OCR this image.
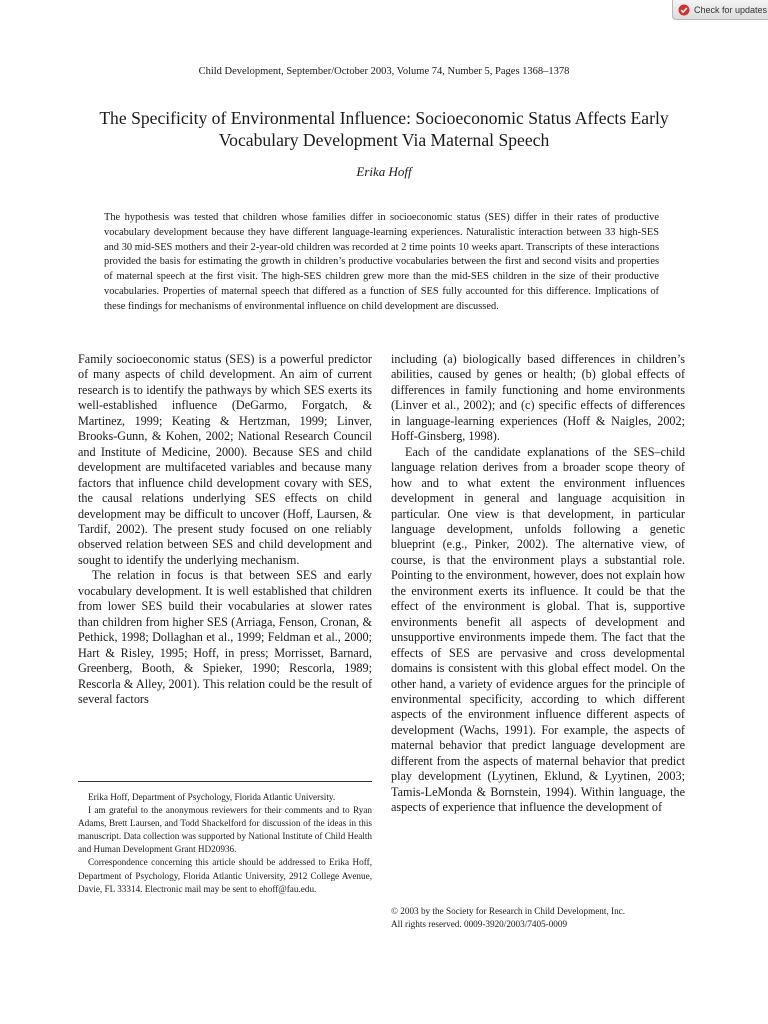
Check for updates
Child Development, September/October 2003, Volume 74, Number 5, Pages 1368–1378
The Specificity of Environmental Influence: Socioeconomic Status Affects Early Vocabulary Development Via Maternal Speech
Erika Hoff

The hypothesis was tested that children whose families differ in socioeconomic status (SES) differ in their rates of productive vocabulary development because they have different language-learning experiences. Naturalistic interaction between 33 high-SES and 30 mid-SES mothers and their 2-year-old children was recorded at 2 time points 10 weeks apart. Transcripts of these interactions provided the basis for estimating the growth in children’s productive vocabularies between the first and second visits and properties of maternal speech at the first visit. The high-SES children grew more than the mid-SES children in the size of their productive vocabularies. Properties of maternal speech that differed as a function of SES fully accounted for this difference. Implications of these findings for mechanisms of environmental influence on child development are discussed.

Family socioeconomic status (SES) is a powerful predictor of many aspects of child development. An aim of current research is to identify the pathways by which SES exerts its well-established influence (DeGarmo, Forgatch, & Martinez, 1999; Keating & Hertzman, 1999; Linver, Brooks-Gunn, & Kohen, 2002; National Research Council and Institute of Medicine, 2000). Because SES and child development are multifaceted variables and because many factors that influence child development covary with SES, the causal relations underlying SES effects on child development may be difficult to uncover (Hoff, Laursen, & Tardif, 2002). The present study focused on one reliably observed relation between SES and child development and sought to identify the underlying mechanism.

The relation in focus is that between SES and early vocabulary development. It is well established that children from lower SES build their vocabularies at slower rates than children from higher SES (Arriaga, Fenson, Cronan, & Pethick, 1998; Dollaghan et al., 1999; Feldman et al., 2000; Hart & Risley, 1995; Hoff, in press; Morrisset, Barnard, Greenberg, Booth, & Spieker, 1990; Rescorla, 1989; Rescorla & Alley, 2001). This relation could be the result of several factors

including (a) biologically based differences in children’s abilities, caused by genes or health; (b) global effects of differences in family functioning and home environments (Linver et al., 2002); and (c) specific effects of differences in language-learning experiences (Hoff & Naigles, 2002; Hoff-Ginsberg, 1998).

Each of the candidate explanations of the SES–child language relation derives from a broader scope theory of how and to what extent the environment influences development in general and language acquisition in particular. One view is that development, in particular language development, unfolds following a genetic blueprint (e.g., Pinker, 2002). The alternative view, of course, is that the environment plays a substantial role. Pointing to the environment, however, does not explain how the environment exerts its influence. It could be that the effect of the environment is global. That is, supportive environments benefit all aspects of development and unsupportive environments impede them. The fact that the effects of SES are pervasive and cross developmental domains is consistent with this global effect model. On the other hand, a variety of evidence argues for the principle of environmental specificity, according to which different aspects of the environment influence different aspects of development (Wachs, 1991). For example, the aspects of maternal behavior that predict language development are different from the aspects of maternal behavior that predict play development (Lyytinen, Eklund, & Lyytinen, 2003; Tamis-LeMonda & Bornstein, 1994). Within language, the aspects of experience that influence the development of

Erika Hoff, Department of Psychology, Florida Atlantic University.

I am grateful to the anonymous reviewers for their comments and to Ryan Adams, Brett Laursen, and Todd Shackelford for discussion of the ideas in this manuscript. Data collection was supported by National Institute of Child Health and Human Development Grant HD20936.

Correspondence concerning this article should be addressed to Erika Hoff, Department of Psychology, Florida Atlantic University, 2912 College Avenue, Davie, FL 33314. Electronic mail may be sent to ehoff@fau.edu.

© 2003 by the Society for Research in Child Development, Inc.

All rights reserved. 0009-3920/2003/7405-0009
